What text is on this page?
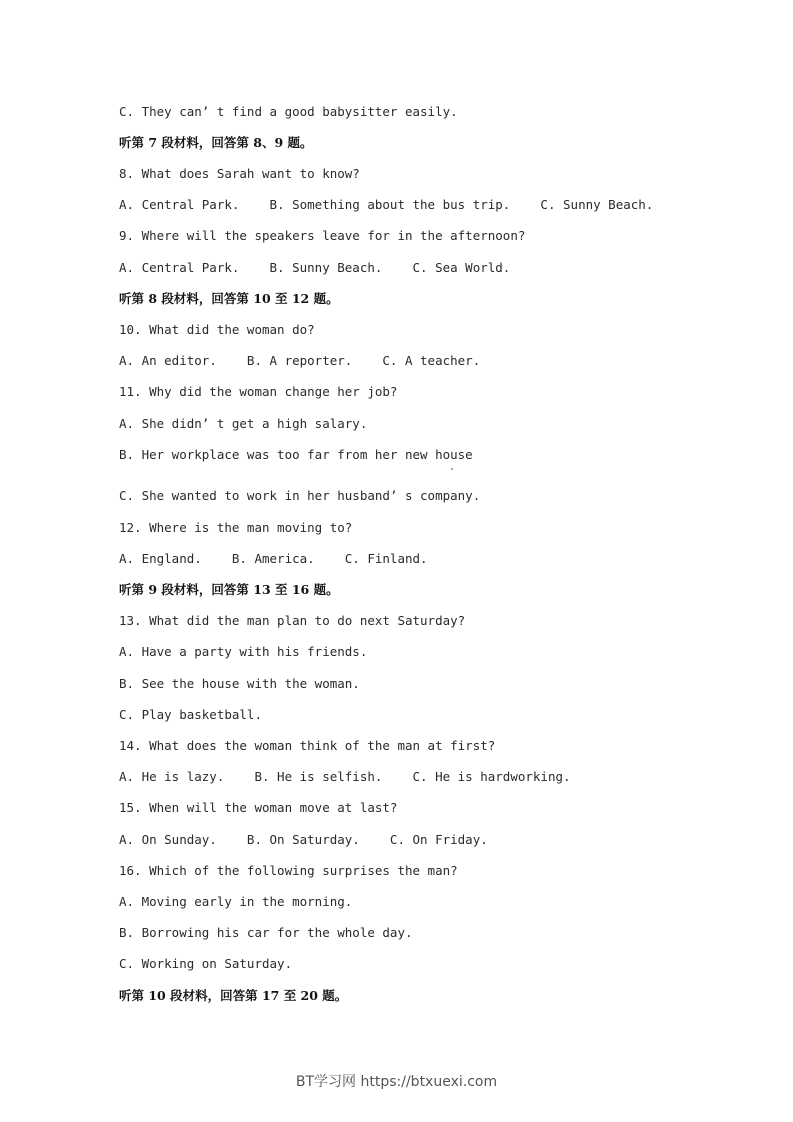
C. They can’ t find a good babysitter easily.
听第 7 段材料，回答第 8、9 题。
8. What does Sarah want to know?
A. Central Park.    B. Something about the bus trip.    C. Sunny Beach.
9. Where will the speakers leave for in the afternoon?
A. Central Park.    B. Sunny Beach.    C. Sea World.
听第 8 段材料，回答第 10 至 12 题。
10. What did the woman do?
A. An editor.    B. A reporter.    C. A teacher.
11. Why did the woman change her job?
A. She didn’ t get a high salary.
B. Her workplace was too far from her new house
C. She wanted to work in her husband’ s company.
12. Where is the man moving to?
A. England.    B. America.    C. Finland.
听第 9 段材料，回答第 13 至 16 题。
13. What did the man plan to do next Saturday?
A. Have a party with his friends.
B. See the house with the woman.
C. Play basketball.
14. What does the woman think of the man at first?
A. He is lazy.    B. He is selfish.    C. He is hardworking.
15. When will the woman move at last?
A. On Sunday.    B. On Saturday.    C. On Friday.
16. Which of the following surprises the man?
A. Moving early in the morning.
B. Borrowing his car for the whole day.
C. Working on Saturday.
听第 10 段材料，回答第 17 至 20 题。
BT学习网 https://btxuexi.com
